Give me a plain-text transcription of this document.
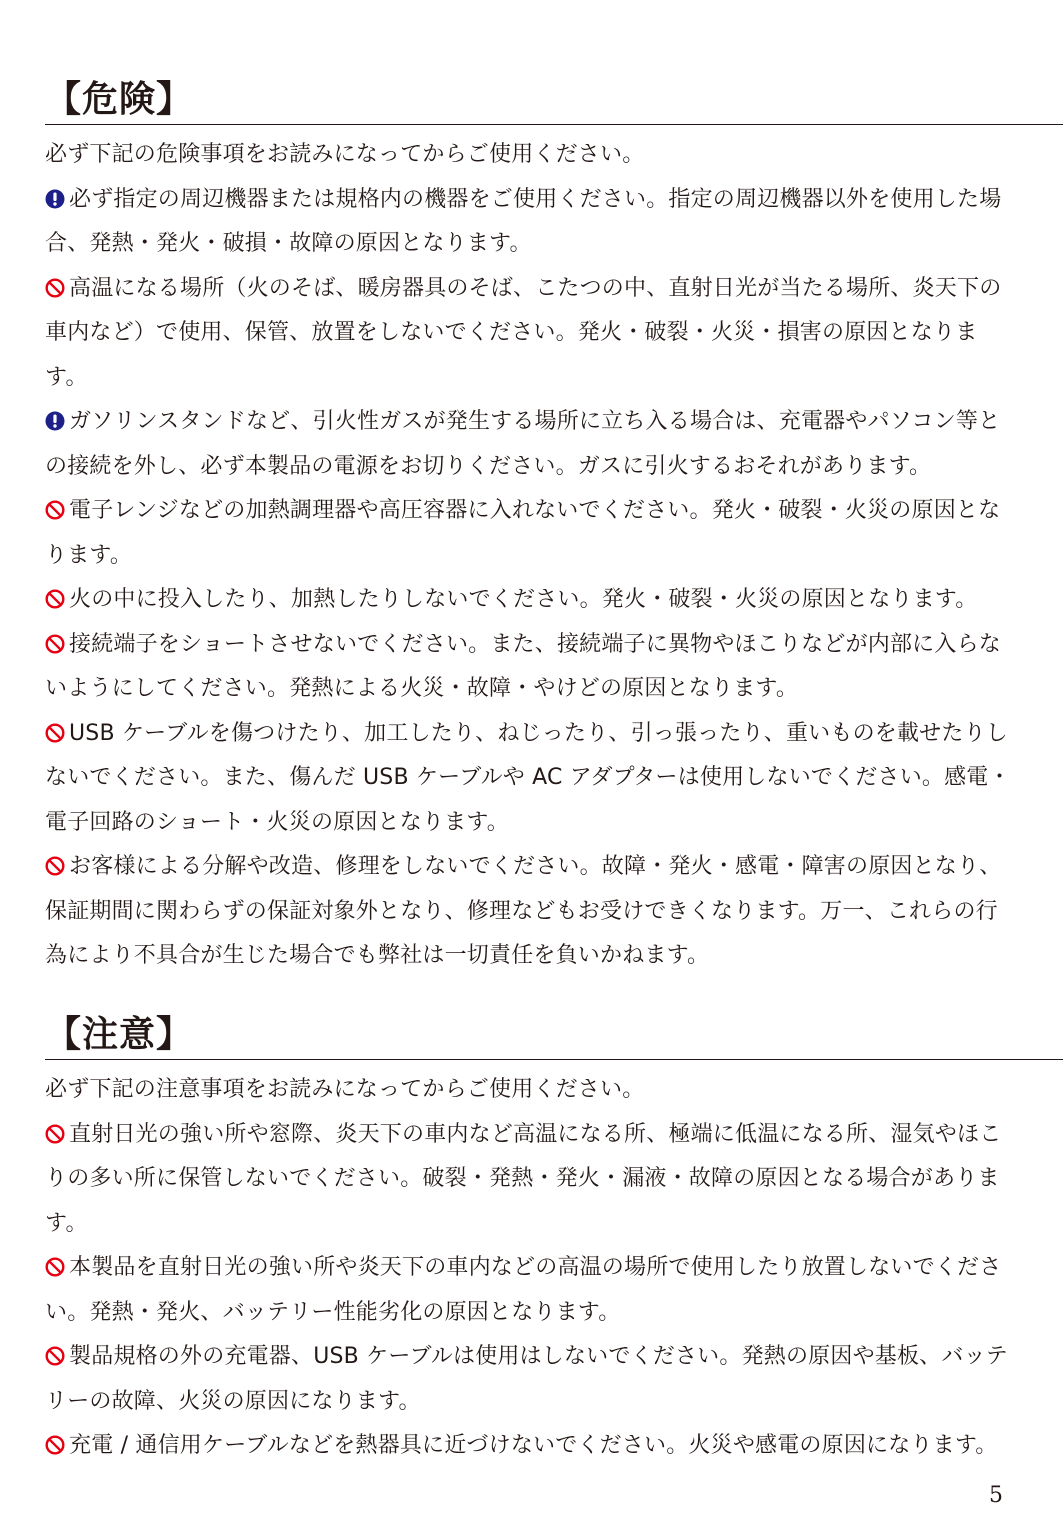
【危険】

必ず下記の危険事項をお読みになってからご使用ください。

必ず指定の周辺機器または規格内の機器をご使用ください。指定の周辺機器以外を使用した場合、発熱・発火・破損・故障の原因となります。

高温になる場所（火のそば、暖房器具のそば、こたつの中、直射日光が当たる場所、炎天下の車内など）で使用、保管、放置をしないでください。発火・破裂・火災・損害の原因となります。

ガソリンスタンドなど、引火性ガスが発生する場所に立ち入る場合は、充電器やパソコン等との接続を外し、必ず本製品の電源をお切りください。ガスに引火するおそれがあります。

電子レンジなどの加熱調理器や高圧容器に入れないでください。発火・破裂・火災の原因となります。

火の中に投入したり、加熱したりしないでください。発火・破裂・火災の原因となります。

接続端子をショートさせないでください。また、接続端子に異物やほこりなどが内部に入らないようにしてください。発熱による火災・故障・やけどの原因となります。

USB ケーブルを傷つけたり、加工したり、ねじったり、引っ張ったり、重いものを載せたりしないでください。また、傷んだ USB ケーブルや AC アダプターは使用しないでください。感電・電子回路のショート・火災の原因となります。

お客様による分解や改造、修理をしないでください。故障・発火・感電・障害の原因となり、保証期間に関わらずの保証対象外となり、修理などもお受けできくなります。万一、これらの行為により不具合が生じた場合でも弊社は一切責任を負いかねます。

【注意】

必ず下記の注意事項をお読みになってからご使用ください。

直射日光の強い所や窓際、炎天下の車内など高温になる所、極端に低温になる所、湿気やほこりの多い所に保管しないでください。破裂・発熱・発火・漏液・故障の原因となる場合があります。

本製品を直射日光の強い所や炎天下の車内などの高温の場所で使用したり放置しないでください。発熱・発火、バッテリー性能劣化の原因となります。

製品規格の外の充電器、USB ケーブルは使用はしないでください。発熱の原因や基板、バッテリーの故障、火災の原因になります。

充電 / 通信用ケーブルなどを熱器具に近づけないでください。火災や感電の原因になります。

5
